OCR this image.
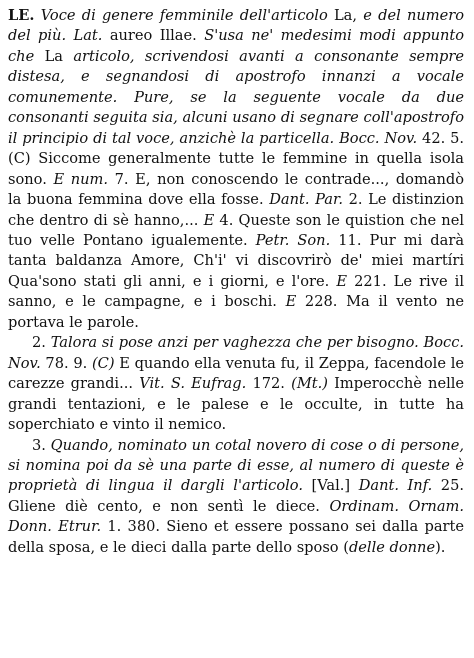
LE. Voce di genere femminile dell'articolo La, e del numero del più. Lat. aureo Illae. S'usa ne' medesimi modi appunto che La articolo, scrivendosi avanti a consonante sempre distesa, e segnandosi di apostrofo innanzi a vocale comunemente. Pure, se la seguente vocale da due consonanti seguita sia, alcuni usano di segnare coll'apostrofo il principio di tal voce, anzichè la particella. Bocc. Nov. 42. 5. (C) Siccome generalmente tutte le femmine in quella isola sono. E num. 7. E, non conoscendo le contrade..., domandò la buona femmina dove ella fosse. Dant. Par. 2. Le distinzion che dentro di sè hanno,... E 4. Queste son le quistion che nel tuo velle Pontano igualemente. Petr. Son. 11. Pur mi darà tanta baldanza Amore, Ch'i' vi discovrirò de' miei martíri Qua'sono stati gli anni, e i giorni, e l'ore. E 221. Le rive il sanno, e le campagne, e i boschi. E 228. Ma il vento ne portava le parole.

2. Talora si pose anzi per vaghezza che per bisogno. Bocc. Nov. 78. 9. (C) E quando ella venuta fu, il Zeppa, facendole le carezze grandi... Vit. S. Eufrag. 172. (Mt.) Imperocchè nelle grandi tentazioni, e le palese e le occulte, in tutte ha soperchiato e vinto il nemico.

3. Quando, nominato un cotal novero di cose o di persone, si nomina poi da sè una parte di esse, al numero di queste è proprietà di lingua il dargli l'articolo. [Val.] Dant. Inf. 25. Gliene diè cento, e non sentì le diece. Ordinam. Ornam. Donn. Etrur. 1. 380. Sieno et essere possano sei dalla parte della sposa, e le dieci dalla parte dello sposo (delle donne).
